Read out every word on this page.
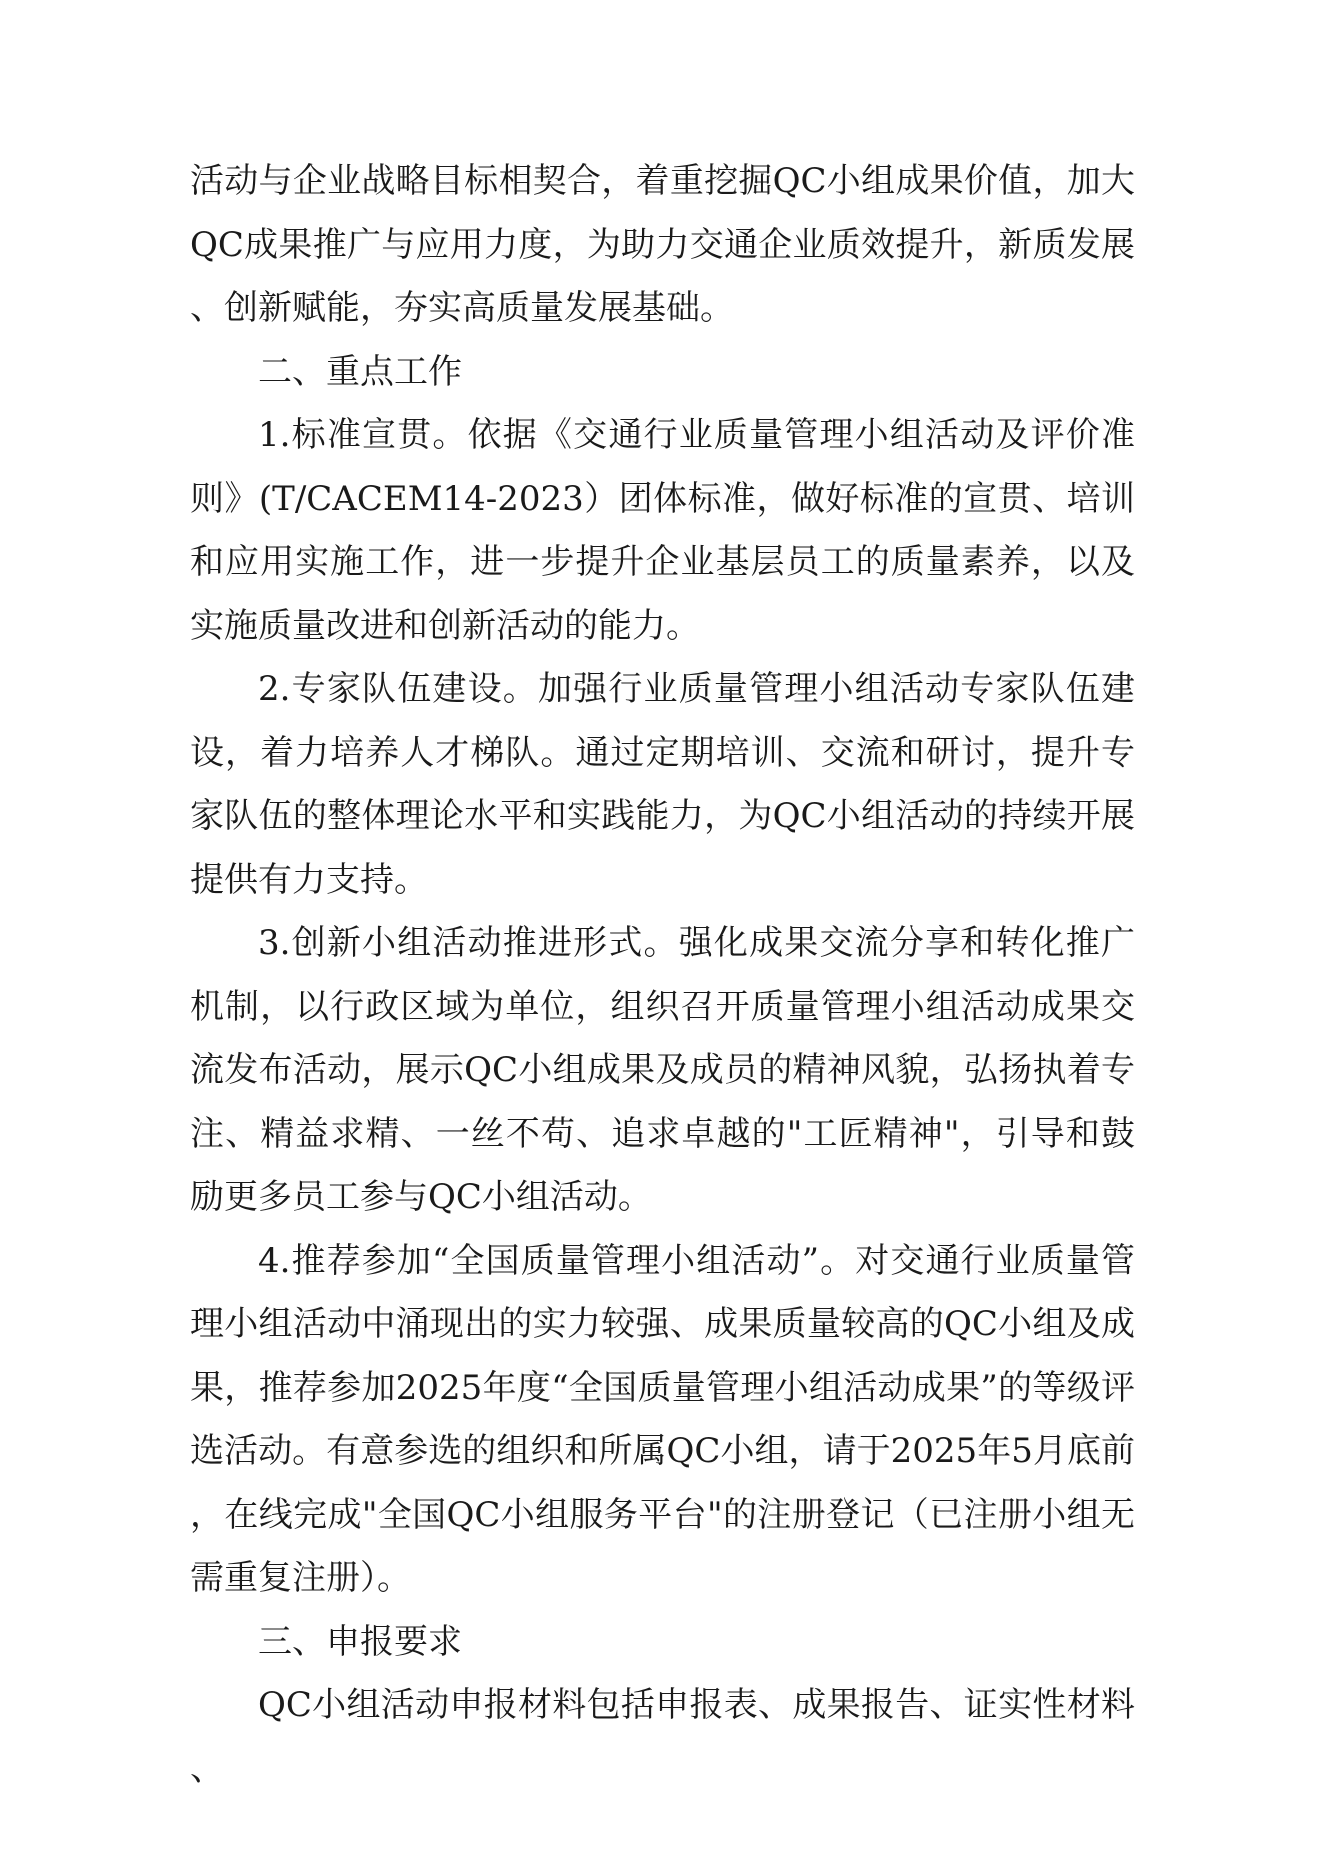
活动与企业战略目标相契合，着重挖掘QC小组成果价值，加大QC成果推广与应用力度，为助力交通企业质效提升，新质发展、创新赋能，夯实高质量发展基础。

二、重点工作

1.标准宣贯。依据《交通行业质量管理小组活动及评价准则》(T/CACEM14-2023）团体标准，做好标准的宣贯、培训和应用实施工作，进一步提升企业基层员工的质量素养，以及实施质量改进和创新活动的能力。

2.专家队伍建设。加强行业质量管理小组活动专家队伍建设，着力培养人才梯队。通过定期培训、交流和研讨，提升专家队伍的整体理论水平和实践能力，为QC小组活动的持续开展提供有力支持。

3.创新小组活动推进形式。强化成果交流分享和转化推广机制，以行政区域为单位，组织召开质量管理小组活动成果交流发布活动，展示QC小组成果及成员的精神风貌，弘扬执着专注、精益求精、一丝不苟、追求卓越的"工匠精神"，引导和鼓励更多员工参与QC小组活动。

4.推荐参加“全国质量管理小组活动”。对交通行业质量管理小组活动中涌现出的实力较强、成果质量较高的QC小组及成果，推荐参加2025年度“全国质量管理小组活动成果”的等级评选活动。有意参选的组织和所属QC小组，请于2025年5月底前，在线完成"全国QC小组服务平台"的注册登记（已注册小组无需重复注册）。

三、申报要求

QC小组活动申报材料包括申报表、成果报告、证实性材料、
